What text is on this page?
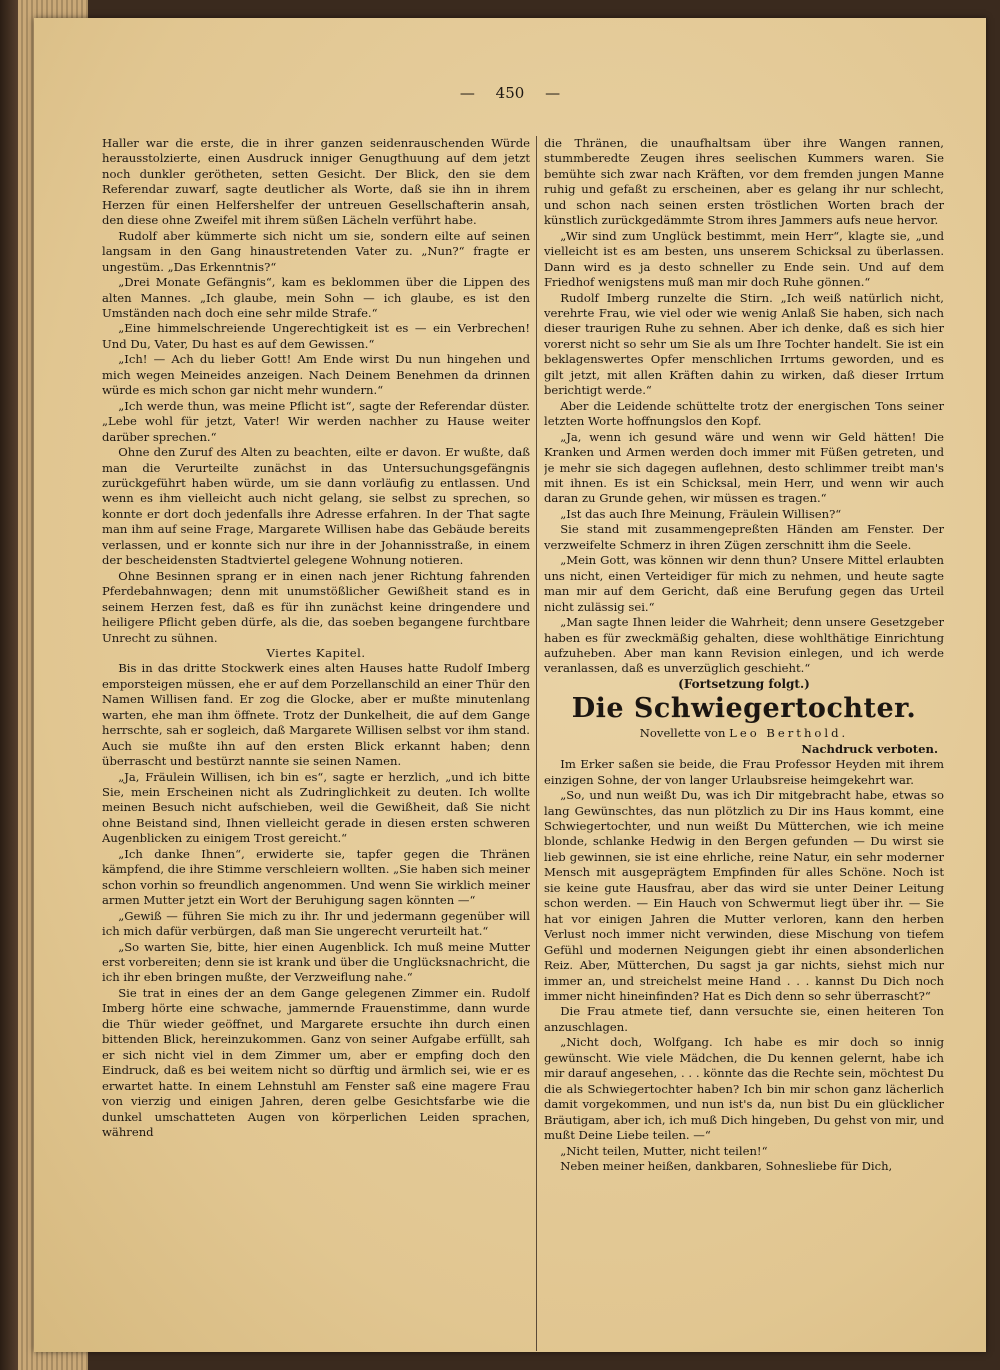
— 450 —

Haller war die erste, die in ihrer ganzen seidenrauschenden Würde herausstolzierte, einen Ausdruck inniger Genugthuung auf dem jetzt noch dunkler gerötheten, setten Gesicht. Der Blick, den sie dem Referendar zuwarf, sagte deutlicher als Worte, daß sie ihn in ihrem Herzen für einen Helfershelfer der untreuen Gesellschafterin ansah, den diese ohne Zweifel mit ihrem süßen Lächeln verführt habe.

Rudolf aber kümmerte sich nicht um sie, sondern eilte auf seinen langsam in den Gang hinaustretenden Vater zu. „Nun?“ fragte er ungestüm. „Das Erkenntnis?“

„Drei Monate Gefängnis“, kam es beklommen über die Lippen des alten Mannes. „Ich glaube, mein Sohn — ich glaube, es ist den Umständen nach doch eine sehr milde Strafe.“

„Eine himmelschreiende Ungerechtigkeit ist es — ein Verbrechen! Und Du, Vater, Du hast es auf dem Gewissen.“

„Ich! — Ach du lieber Gott! Am Ende wirst Du nun hingehen und mich wegen Meineides anzeigen. Nach Deinem Benehmen da drinnen würde es mich schon gar nicht mehr wundern.“

„Ich werde thun, was meine Pflicht ist“, sagte der Referendar düster. „Lebe wohl für jetzt, Vater! Wir werden nachher zu Hause weiter darüber sprechen.“

Ohne den Zuruf des Alten zu beachten, eilte er davon. Er wußte, daß man die Verurteilte zunächst in das Untersuchungsgefängnis zurückgeführt haben würde, um sie dann vorläufig zu entlassen. Und wenn es ihm vielleicht auch nicht gelang, sie selbst zu sprechen, so konnte er dort doch jedenfalls ihre Adresse erfahren. In der That sagte man ihm auf seine Frage, Margarete Willisen habe das Gebäude bereits verlassen, und er konnte sich nur ihre in der Johannisstraße, in einem der bescheidensten Stadtviertel gelegene Wohnung notieren.

Ohne Besinnen sprang er in einen nach jener Richtung fahrenden Pferdebahnwagen; denn mit unumstößlicher Gewißheit stand es in seinem Herzen fest, daß es für ihn zunächst keine dringendere und heiligere Pflicht geben dürfe, als die, das soeben begangene furchtbare Unrecht zu sühnen.

Viertes Kapitel.

Bis in das dritte Stockwerk eines alten Hauses hatte Rudolf Imberg emporsteigen müssen, ehe er auf dem Porzellanschild an einer Thür den Namen Willisen fand. Er zog die Glocke, aber er mußte minutenlang warten, ehe man ihm öffnete. Trotz der Dunkelheit, die auf dem Gange herrschte, sah er sogleich, daß Margarete Willisen selbst vor ihm stand. Auch sie mußte ihn auf den ersten Blick erkannt haben; denn überrascht und bestürzt nannte sie seinen Namen.

„Ja, Fräulein Willisen, ich bin es“, sagte er herzlich, „und ich bitte Sie, mein Erscheinen nicht als Zudringlichkeit zu deuten. Ich wollte meinen Besuch nicht aufschieben, weil die Gewißheit, daß Sie nicht ohne Beistand sind, Ihnen vielleicht gerade in diesen ersten schweren Augenblicken zu einigem Trost gereicht.“

„Ich danke Ihnen“, erwiderte sie, tapfer gegen die Thränen kämpfend, die ihre Stimme verschleiern wollten. „Sie haben sich meiner schon vorhin so freundlich angenommen. Und wenn Sie wirklich meiner armen Mutter jetzt ein Wort der Beruhigung sagen könnten —“

„Gewiß — führen Sie mich zu ihr. Ihr und jedermann gegenüber will ich mich dafür verbürgen, daß man Sie ungerecht verurteilt hat.“

„So warten Sie, bitte, hier einen Augenblick. Ich muß meine Mutter erst vorbereiten; denn sie ist krank und über die Unglücksnachricht, die ich ihr eben bringen mußte, der Verzweiflung nahe.“

Sie trat in eines der an dem Gange gelegenen Zimmer ein. Rudolf Imberg hörte eine schwache, jammernde Frauenstimme, dann wurde die Thür wieder geöffnet, und Margarete ersuchte ihn durch einen bittenden Blick, hereinzukommen. Ganz von seiner Aufgabe erfüllt, sah er sich nicht viel in dem Zimmer um, aber er empfing doch den Eindruck, daß es bei weitem nicht so dürftig und ärmlich sei, wie er es erwartet hatte. In einem Lehnstuhl am Fenster saß eine magere Frau von vierzig und einigen Jahren, deren gelbe Gesichtsfarbe wie die dunkel umschatteten Augen von körperlichen Leiden sprachen, während

die Thränen, die unaufhaltsam über ihre Wangen rannen, stummberedte Zeugen ihres seelischen Kummers waren. Sie bemühte sich zwar nach Kräften, vor dem fremden jungen Manne ruhig und gefaßt zu erscheinen, aber es gelang ihr nur schlecht, und schon nach seinen ersten tröstlichen Worten brach der künstlich zurückgedämmte Strom ihres Jammers aufs neue hervor.

„Wir sind zum Unglück bestimmt, mein Herr“, klagte sie, „und vielleicht ist es am besten, uns unserem Schicksal zu überlassen. Dann wird es ja desto schneller zu Ende sein. Und auf dem Friedhof wenigstens muß man mir doch Ruhe gönnen.“

Rudolf Imberg runzelte die Stirn. „Ich weiß natürlich nicht, verehrte Frau, wie viel oder wie wenig Anlaß Sie haben, sich nach dieser traurigen Ruhe zu sehnen. Aber ich denke, daß es sich hier vorerst nicht so sehr um Sie als um Ihre Tochter handelt. Sie ist ein beklagenswertes Opfer menschlichen Irrtums geworden, und es gilt jetzt, mit allen Kräften dahin zu wirken, daß dieser Irrtum berichtigt werde.“

Aber die Leidende schüttelte trotz der energischen Tons seiner letzten Worte hoffnungslos den Kopf.

„Ja, wenn ich gesund wäre und wenn wir Geld hätten! Die Kranken und Armen werden doch immer mit Füßen getreten, und je mehr sie sich dagegen auflehnen, desto schlimmer treibt man's mit ihnen. Es ist ein Schicksal, mein Herr, und wenn wir auch daran zu Grunde gehen, wir müssen es tragen.“

„Ist das auch Ihre Meinung, Fräulein Willisen?“

Sie stand mit zusammengepreßten Händen am Fenster. Der verzweifelte Schmerz in ihren Zügen zerschnitt ihm die Seele.

„Mein Gott, was können wir denn thun? Unsere Mittel erlaubten uns nicht, einen Verteidiger für mich zu nehmen, und heute sagte man mir auf dem Gericht, daß eine Berufung gegen das Urteil nicht zulässig sei.“

„Man sagte Ihnen leider die Wahrheit; denn unsere Gesetzgeber haben es für zweckmäßig gehalten, diese wohlthätige Einrichtung aufzuheben. Aber man kann Revision einlegen, und ich werde veranlassen, daß es unverzüglich geschieht.“

(Fortsetzung folgt.)

Die Schwiegertochter.

Novellette von Leo Berthold.

Nachdruck verboten.

Im Erker saßen sie beide, die Frau Professor Heyden mit ihrem einzigen Sohne, der von langer Urlaubsreise heimgekehrt war.

„So, und nun weißt Du, was ich Dir mitgebracht habe, etwas so lang Gewünschtes, das nun plötzlich zu Dir ins Haus kommt, eine Schwiegertochter, und nun weißt Du Mütterchen, wie ich meine blonde, schlanke Hedwig in den Bergen gefunden — Du wirst sie lieb gewinnen, sie ist eine ehrliche, reine Natur, ein sehr moderner Mensch mit ausgeprägtem Empfinden für alles Schöne. Noch ist sie keine gute Hausfrau, aber das wird sie unter Deiner Leitung schon werden. — Ein Hauch von Schwermut liegt über ihr. — Sie hat vor einigen Jahren die Mutter verloren, kann den herben Verlust noch immer nicht verwinden, diese Mischung von tiefem Gefühl und modernen Neigungen giebt ihr einen absonderlichen Reiz. Aber, Mütterchen, Du sagst ja gar nichts, siehst mich nur immer an, und streichelst meine Hand . . . kannst Du Dich noch immer nicht hineinfinden? Hat es Dich denn so sehr überrascht?“

Die Frau atmete tief, dann versuchte sie, einen heiteren Ton anzuschlagen.

„Nicht doch, Wolfgang. Ich habe es mir doch so innig gewünscht. Wie viele Mädchen, die Du kennen gelernt, habe ich mir darauf angesehen, . . . könnte das die Rechte sein, möchtest Du die als Schwiegertochter haben? Ich bin mir schon ganz lächerlich damit vorgekommen, und nun ist's da, nun bist Du ein glücklicher Bräutigam, aber ich, ich muß Dich hingeben, Du gehst von mir, und mußt Deine Liebe teilen. —“

„Nicht teilen, Mutter, nicht teilen!“

Neben meiner heißen, dankbaren, Sohnesliebe für Dich,
